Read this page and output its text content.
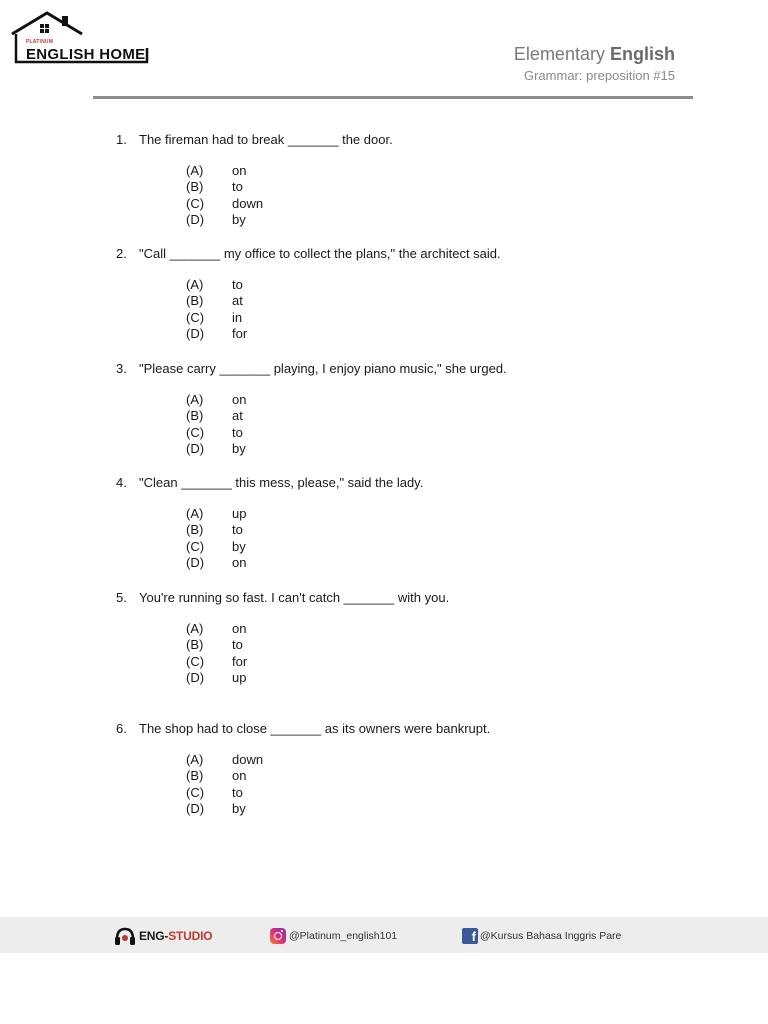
PLATINUM
ENGLISH HOME	Elementary English
Grammar: preposition #15
1. The fireman had to break _______ the door.
(A) on
(B) to
(C) down
(D) by
2. "Call _______ my office to collect the plans," the architect said.
(A) to
(B) at
(C) in
(D) for
3. "Please carry _______ playing, I enjoy piano music," she urged.
(A) on
(B) at
(C) to
(D) by
4. "Clean _______ this mess, please," said the lady.
(A) up
(B) to
(C) by
(D) on
5. You're running so fast. I can't catch _______ with you.
(A) on
(B) to
(C) for
(D) up
6. The shop had to close _______ as its owners were bankrupt.
(A) down
(B) on
(C) to
(D) by
ENG-STUDIO	@Platinum_english101	f @Kursus Bahasa Inggris Pare
